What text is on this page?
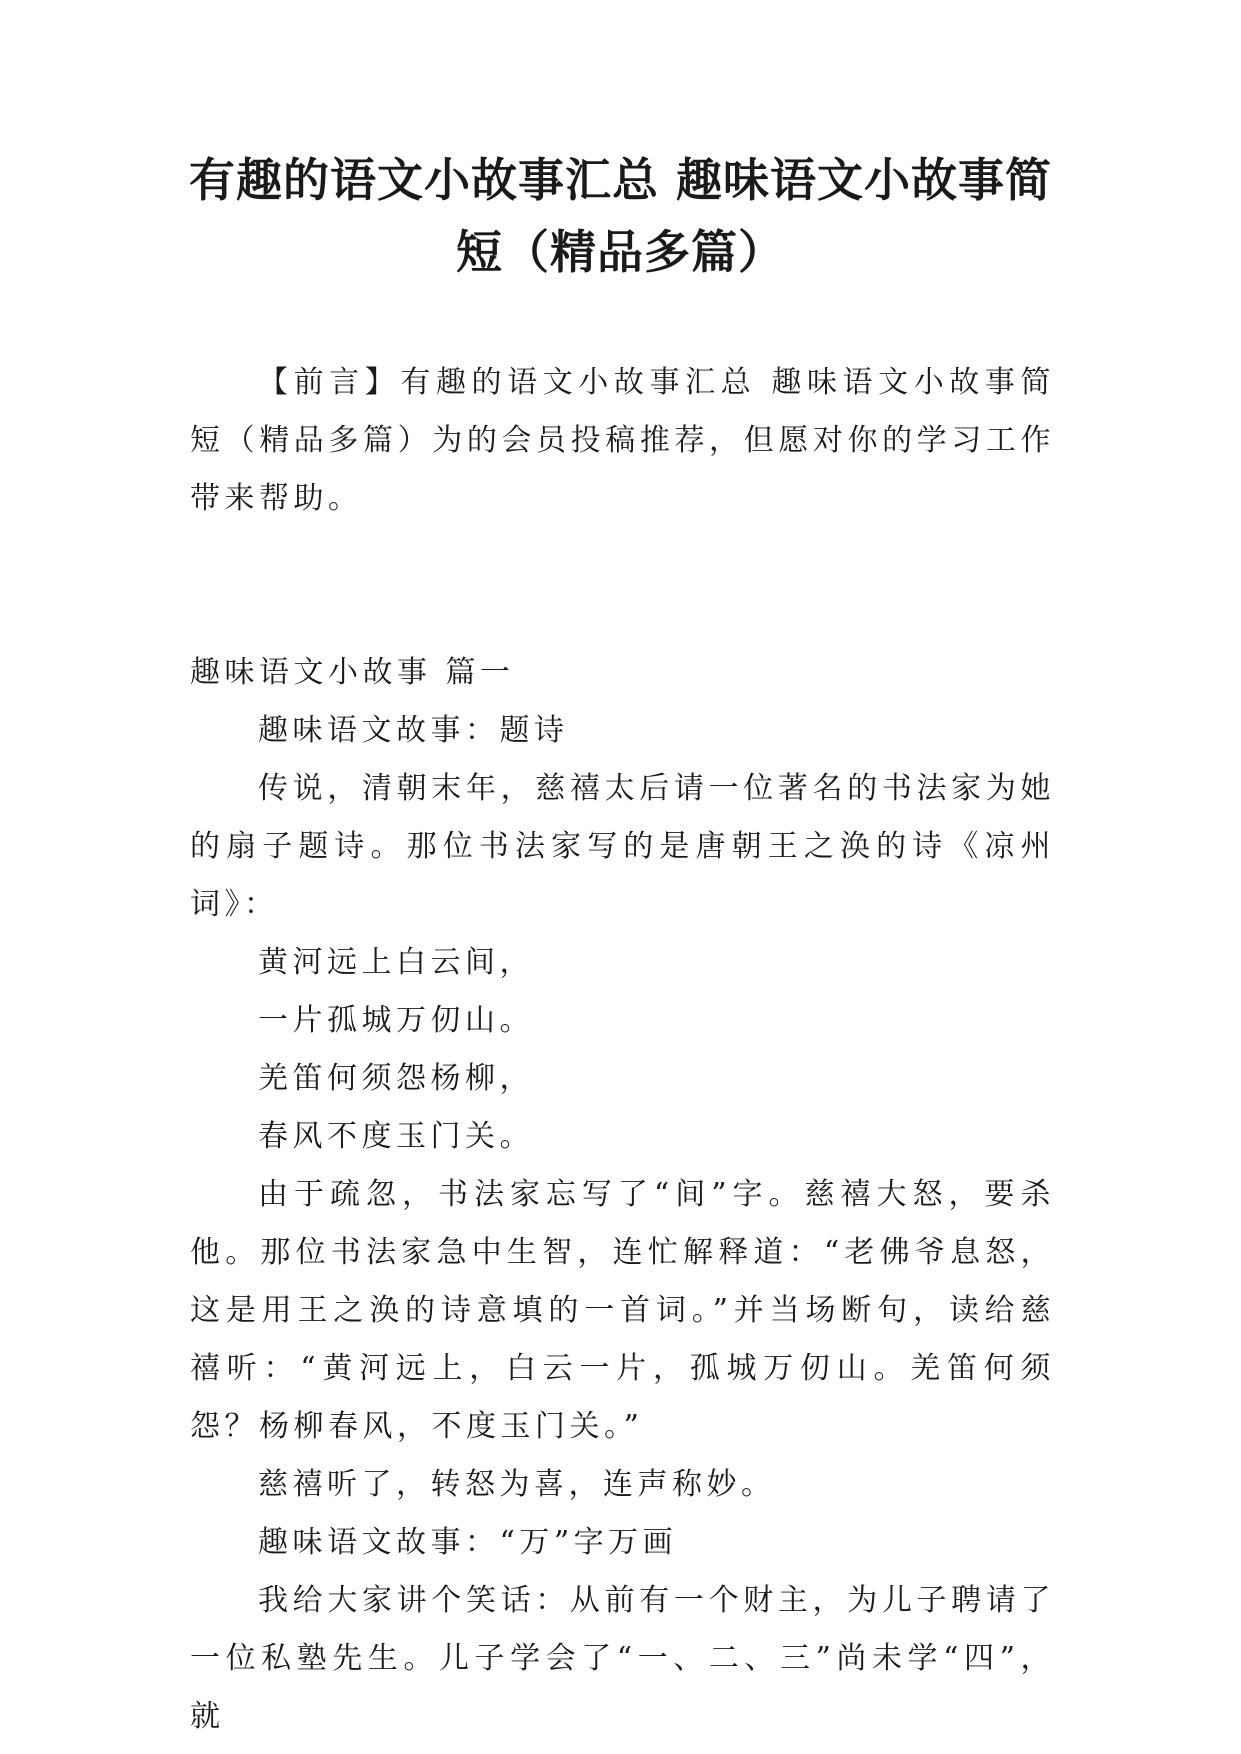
有趣的语文小故事汇总 趣味语文小故事简
短（精品多篇）

【前言】有趣的语文小故事汇总 趣味语文小故事简短（精品多篇）为的会员投稿推荐，但愿对你的学习工作带来帮助。

趣味语文小故事 篇一

趣味语文故事：题诗

传说，清朝末年，慈禧太后请一位著名的书法家为她的扇子题诗。那位书法家写的是唐朝王之涣的诗《凉州词》：

黄河远上白云间，

一片孤城万仞山。

羌笛何须怨杨柳，

春风不度玉门关。

由于疏忽，书法家忘写了“间”字。慈禧大怒，要杀他。那位书法家急中生智，连忙解释道：“老佛爷息怒，这是用王之涣的诗意填的一首词。”并当场断句，读给慈禧听：“黄河远上，白云一片，孤城万仞山。羌笛何须怨？杨柳春风，不度玉门关。”

慈禧听了，转怒为喜，连声称妙。

趣味语文故事：“万”字万画

我给大家讲个笑话：从前有一个财主，为儿子聘请了一位私塾先生。儿子学会了“一、二、三”尚未学“四”，就
